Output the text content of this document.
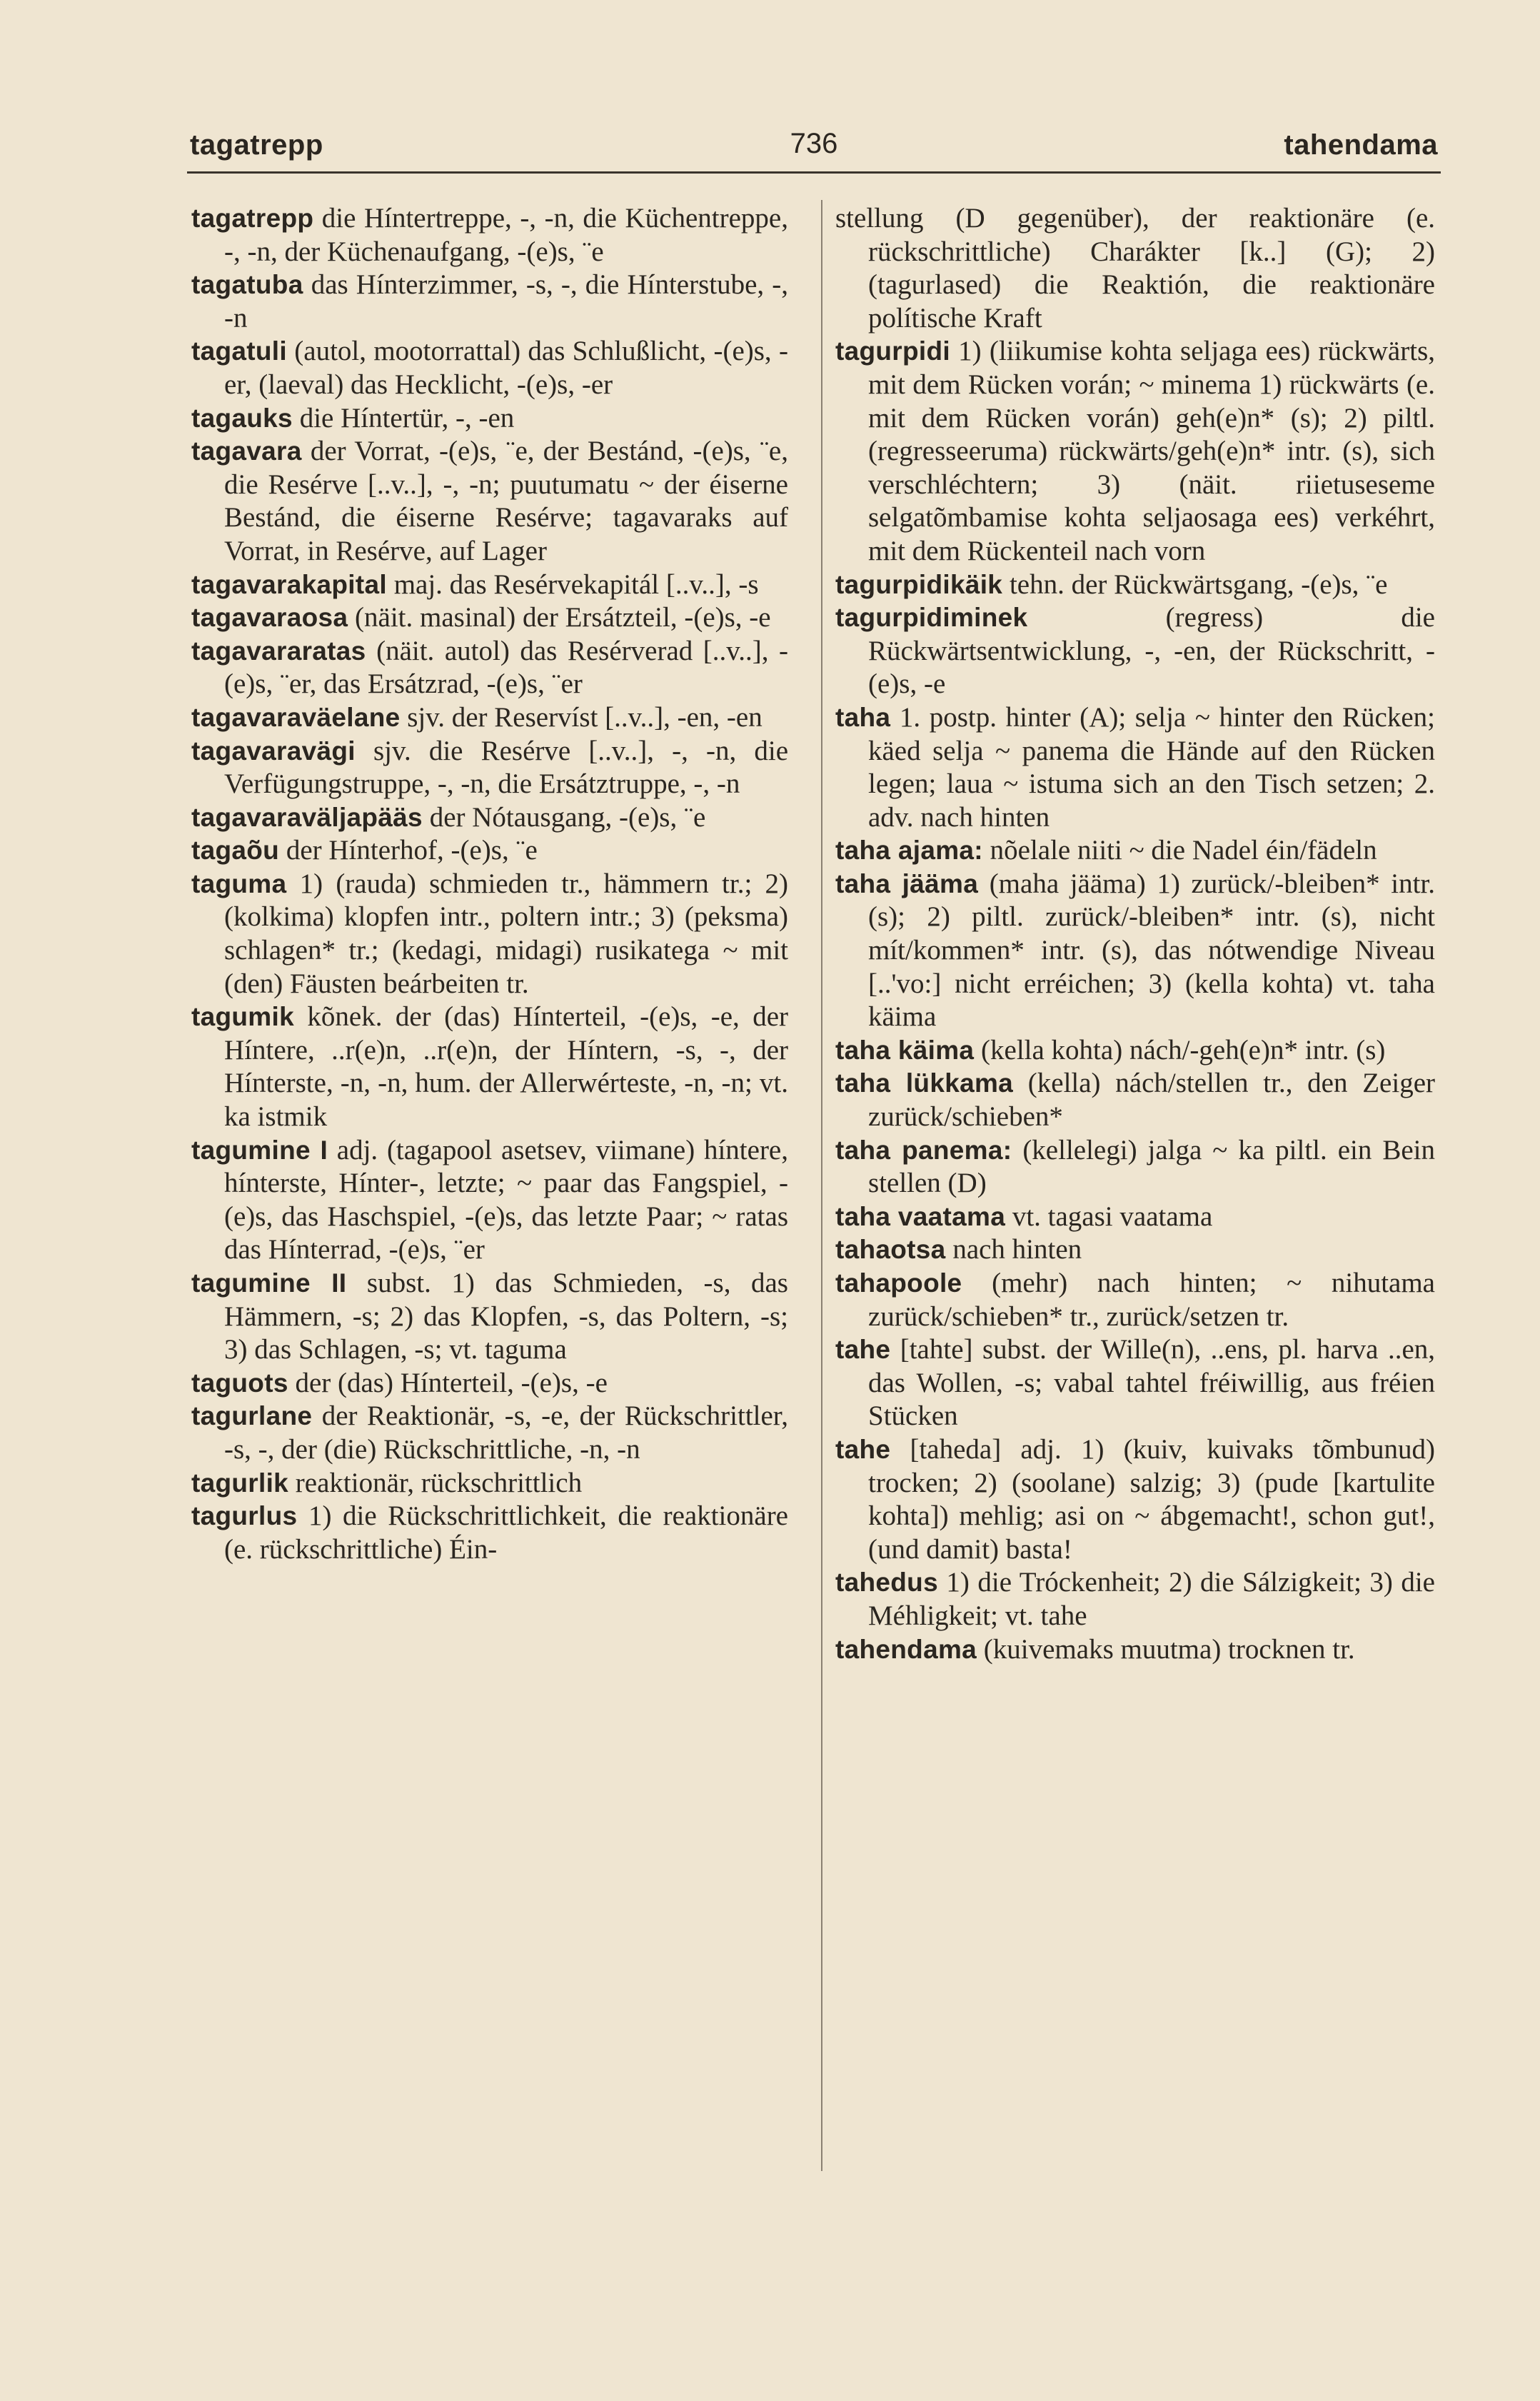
tagatrepp	736	tahendama

tagatrepp die Híntertreppe, -, -n, die Küchentreppe, -, -n, der Küchenaufgang, -(e)s, ¨e

tagatuba das Hínterzimmer, -s, -, die Hínterstube, -, -n

tagatuli (autol, mootorrattal) das Schlußlicht, -(e)s, -er, (laeval) das Hecklicht, -(e)s, -er

tagauks die Híntertür, -, -en

tagavara der Vorrat, -(e)s, ¨e, der Bestánd, -(e)s, ¨e, die Resérve [..v..], -, -n; puutumatu ~ der éiserne Bestánd, die éiserne Resérve; tagavaraks auf Vorrat, in Resérve, auf Lager

tagavarakapital maj. das Resérvekapitál [..v..], -s

tagavaraosa (näit. masinal) der Ersátzteil, -(e)s, -e

tagavararatas (näit. autol) das Resérverad [..v..], -(e)s, ¨er, das Ersátzrad, -(e)s, ¨er

tagavaraväelane sjv. der Reservíst [..v..], -en, -en

tagavaravägi sjv. die Resérve [..v..], -, -n, die Verfügungstruppe, -, -n, die Ersátztruppe, -, -n

tagavaraväljapääs der Nótausgang, -(e)s, ¨e

tagaõu der Hínterhof, -(e)s, ¨e

taguma 1) (rauda) schmieden tr., hämmern tr.; 2) (kolkima) klopfen intr., poltern intr.; 3) (peksma) schlagen* tr.; (kedagi, midagi) rusikatega ~ mit (den) Fäusten beárbeiten tr.

tagumik kõnek. der (das) Hínterteil, -(e)s, -e, der Híntere, ..r(e)n, ..r(e)n, der Híntern, -s, -, der Hínterste, -n, -n, hum. der Allerwérteste, -n, -n; vt. ka istmik

tagumine I adj. (tagapool asetsev, viimane) híntere, hínterste, Hínter-, letzte; ~ paar das Fangspiel, -(e)s, das Haschspiel, -(e)s, das letzte Paar; ~ ratas das Hínterrad, -(e)s, ¨er

tagumine II subst. 1) das Schmieden, -s, das Hämmern, -s; 2) das Klopfen, -s, das Poltern, -s; 3) das Schlagen, -s; vt. taguma

taguots der (das) Hínterteil, -(e)s, -e

tagurlane der Reaktionär, -s, -e, der Rückschrittler, -s, -, der (die) Rückschrittliche, -n, -n

tagurlik reaktionär, rückschrittlich

tagurlus 1) die Rückschrittlichkeit, die reaktionäre (e. rückschrittliche) Éin-

stellung (D gegenüber), der reaktionäre (e. rückschrittliche) Charákter [k..] (G); 2) (tagurlased) die Reaktión, die reaktionäre polítische Kraft

tagurpidi 1) (liikumise kohta seljaga ees) rückwärts, mit dem Rücken vorán; ~ minema 1) rückwärts (e. mit dem Rücken vorán) geh(e)n* (s); 2) piltl. (regresseeruma) rückwärts/geh(e)n* intr. (s), sich verschléchtern; 3) (näit. riietuseseme selgatõmbamise kohta seljaosaga ees) verkéhrt, mit dem Rückenteil nach vorn

tagurpidikäik tehn. der Rückwärtsgang, -(e)s, ¨e

tagurpidiminek (regress) die Rückwärtsentwicklung, -, -en, der Rückschritt, -(e)s, -e

taha 1. postp. hinter (A); selja ~ hinter den Rücken; käed selja ~ panema die Hände auf den Rücken legen; laua ~ istuma sich an den Tisch setzen; 2. adv. nach hinten

taha ajama: nõelale niiti ~ die Nadel éin/fädeln

taha jääma (maha jääma) 1) zurück/-bleiben* intr. (s); 2) piltl. zurück/-bleiben* intr. (s), nicht mít/kommen* intr. (s), das nótwendige Niveau [..'vo:] nicht erréichen; 3) (kella kohta) vt. taha käima

taha käima (kella kohta) nách/-geh(e)n* intr. (s)

taha lükkama (kella) nách/stellen tr., den Zeiger zurück/schieben*

taha panema: (kellelegi) jalga ~ ka piltl. ein Bein stellen (D)

taha vaatama vt. tagasi vaatama

tahaotsa nach hinten

tahapoole (mehr) nach hinten; ~ nihutama zurück/schieben* tr., zurück/setzen tr.

tahe [tahte] subst. der Wille(n), ..ens, pl. harva ..en, das Wollen, -s; vabal tahtel fréiwillig, aus fréien Stücken

tahe [taheda] adj. 1) (kuiv, kuivaks tõmbunud) trocken; 2) (soolane) salzig; 3) (pude [kartulite kohta]) mehlig; asi on ~ ábgemacht!, schon gut!, (und damit) basta!

tahedus 1) die Tróckenheit; 2) die Sálzigkeit; 3) die Méhligkeit; vt. tahe

tahendama (kuivemaks muutma) trocknen tr.
